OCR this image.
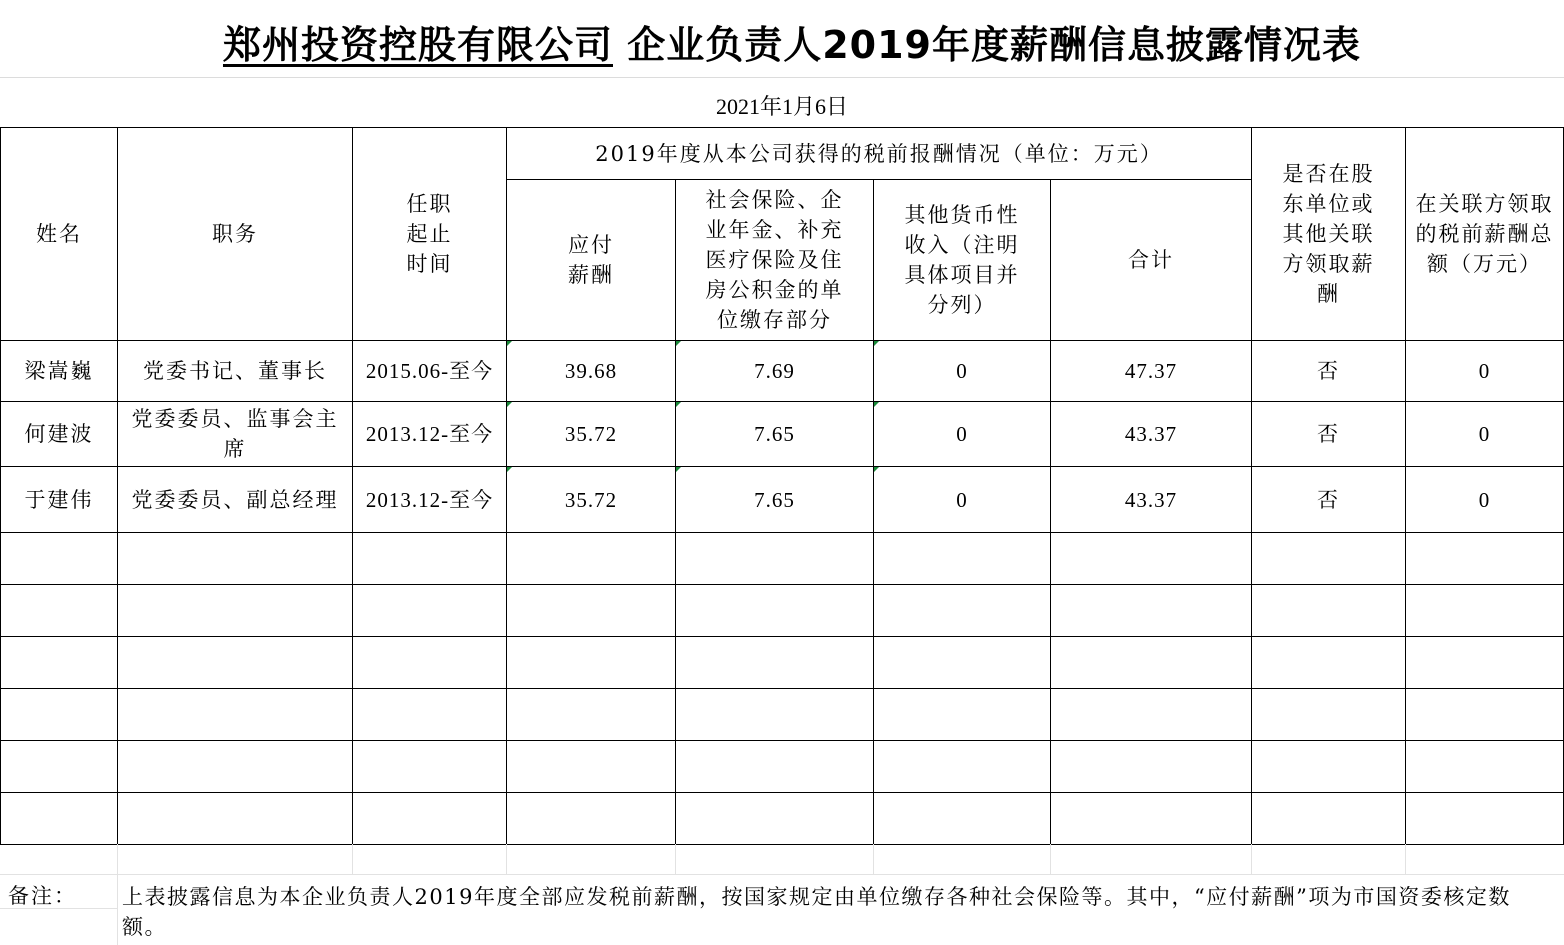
郑州投资控股有限公司 企业负责人2019年度薪酬信息披露情况表
2021年1月6日
姓名	职务	任职起止时间	2019年度从本公司获得的税前报酬情况（单位：万元）				是否在股东单位或其他关联方领取薪酬	在关联方领取的税前薪酬总额（万元）
			应付薪酬	社会保险、企业年金、补充医疗保险及住房公积金的单位缴存部分	其他货币性收入（注明具体项目并分列）	合计		
梁嵩巍	党委书记、董事长	2015.06-至今	39.68	7.69	0	47.37	否	0
何建波	党委委员、监事会主席	2013.12-至今	35.72	7.65	0	43.37	否	0
于建伟	党委委员、副总经理	2013.12-至今	35.72	7.65	0	43.37	否	0

备注： 上表披露信息为本企业负责人2019年度全部应发税前薪酬，按国家规定由单位缴存各种社会保险等。其中，“应付薪酬”项为市国资委核定数额。
